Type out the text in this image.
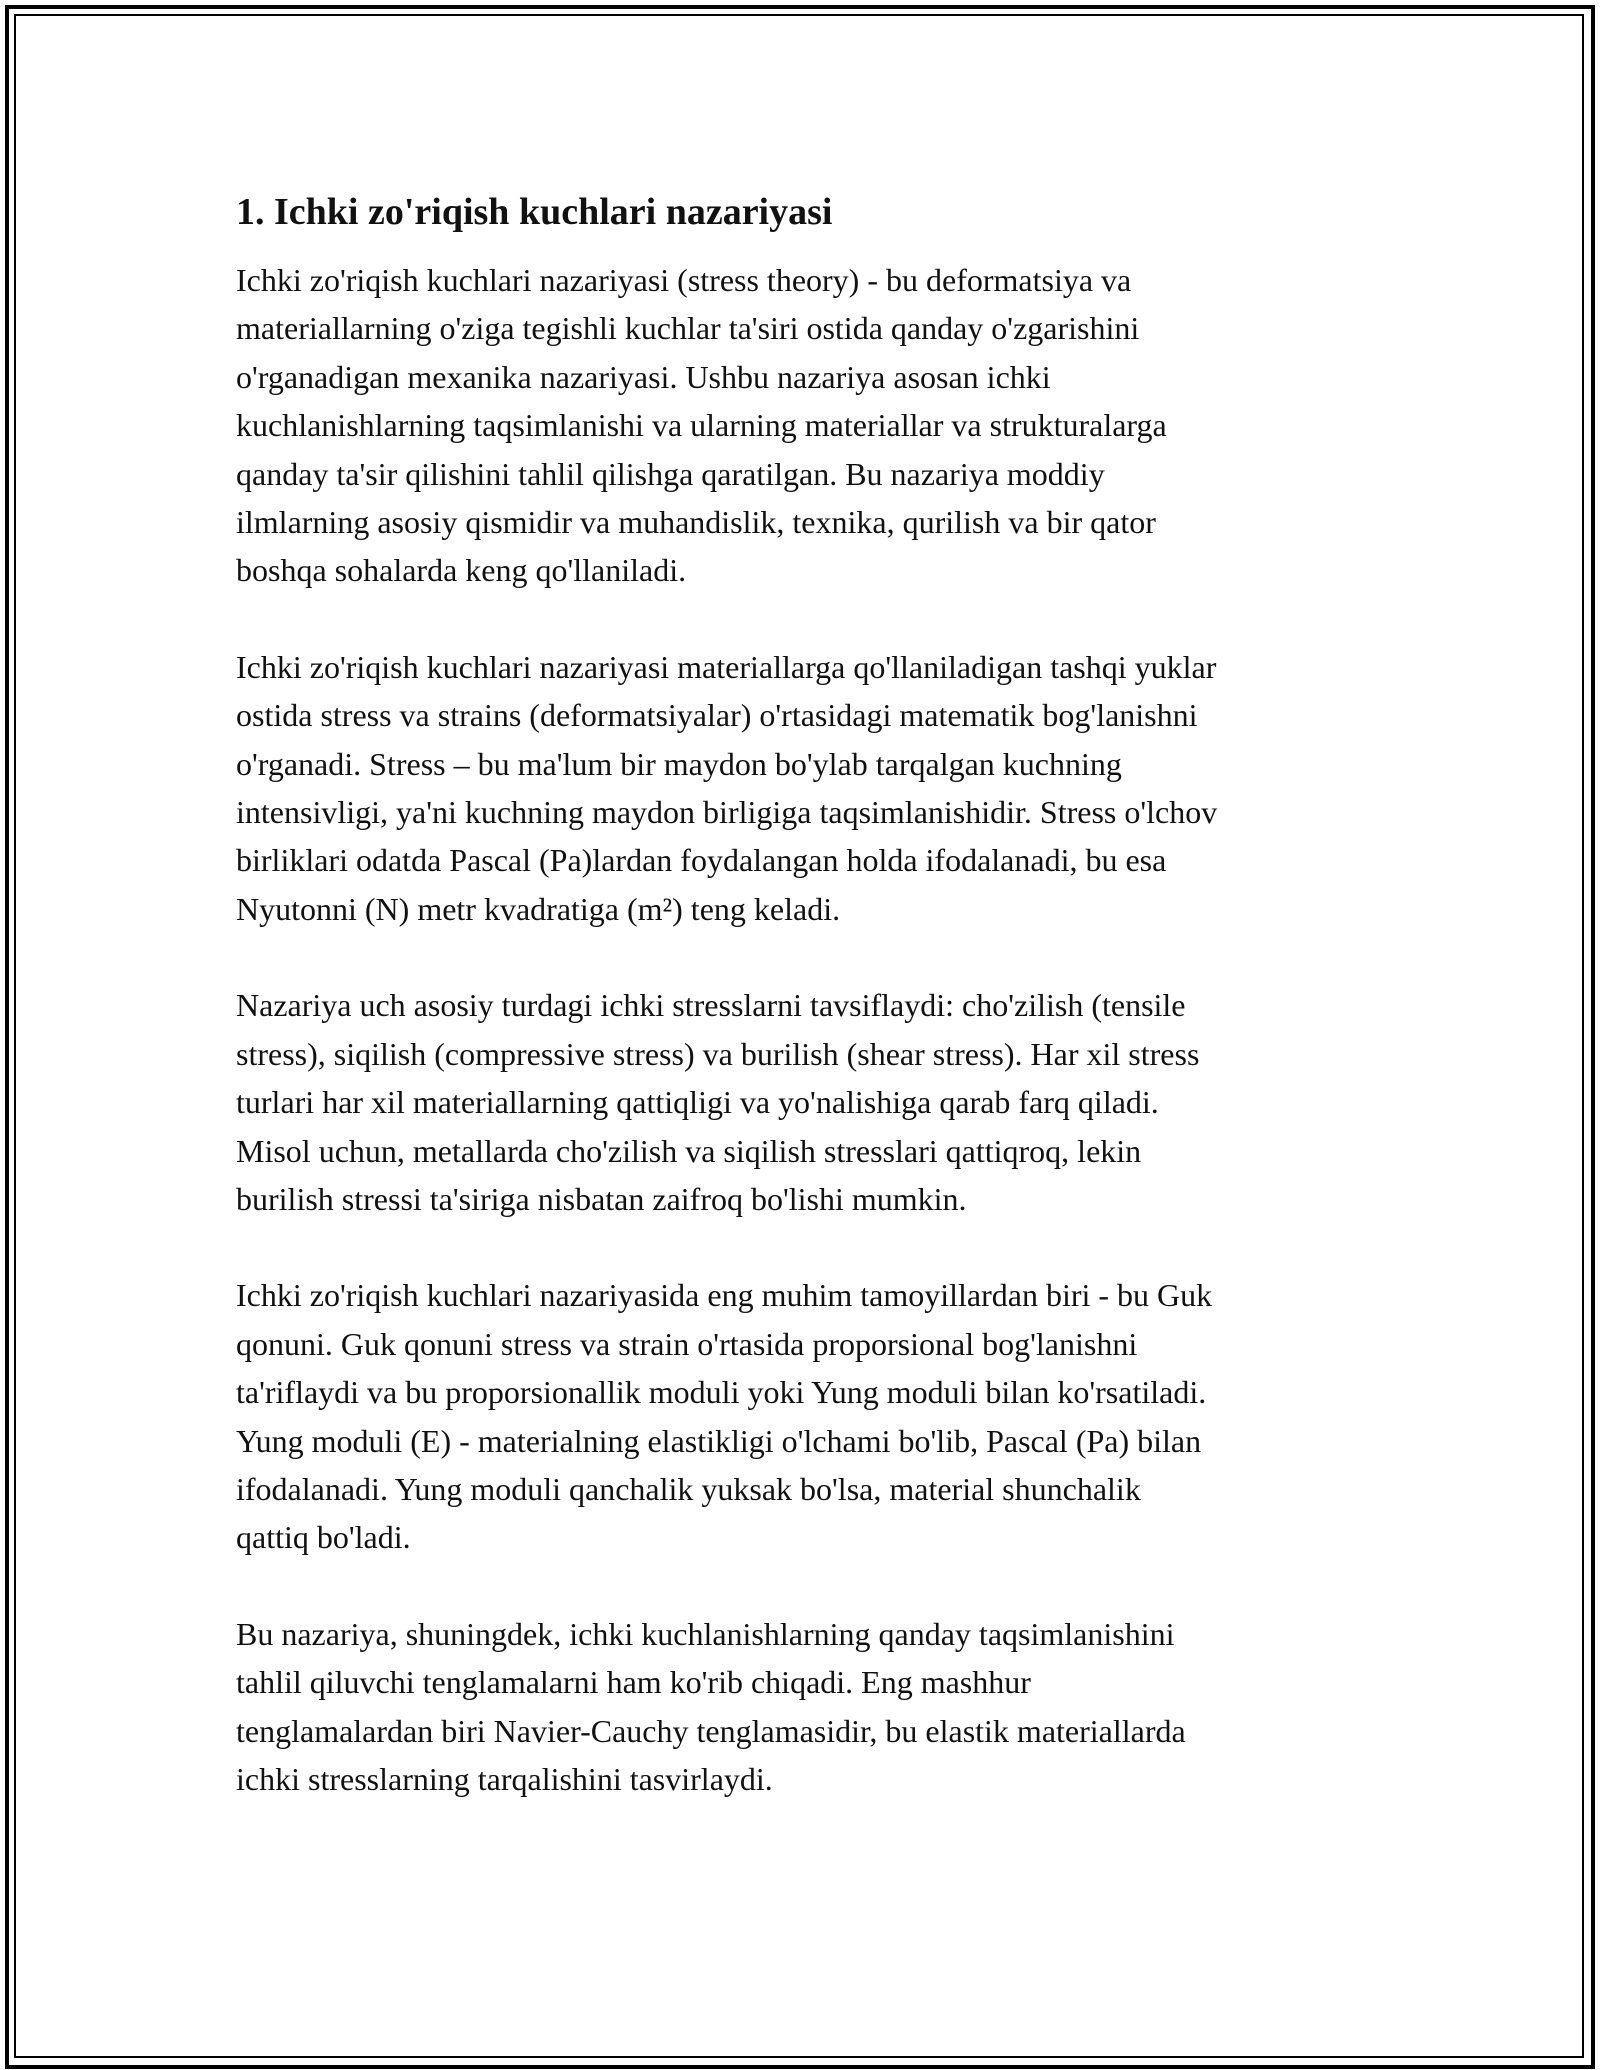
1. Ichki zo'riqish kuchlari nazariyasi

Ichki zo'riqish kuchlari nazariyasi (stress theory) - bu deformatsiya va
materiallarning o'ziga tegishli kuchlar ta'siri ostida qanday o'zgarishini
o'rganadigan mexanika nazariyasi. Ushbu nazariya asosan ichki
kuchlanishlarning taqsimlanishi va ularning materiallar va strukturalarga
qanday ta'sir qilishini tahlil qilishga qaratilgan. Bu nazariya moddiy
ilmlarning asosiy qismidir va muhandislik, texnika, qurilish va bir qator
boshqa sohalarda keng qo'llaniladi.

Ichki zo'riqish kuchlari nazariyasi materiallarga qo'llaniladigan tashqi yuklar
ostida stress va strains (deformatsiyalar) o'rtasidagi matematik bog'lanishni
o'rganadi. Stress – bu ma'lum bir maydon bo'ylab tarqalgan kuchning
intensivligi, ya'ni kuchning maydon birligiga taqsimlanishidir. Stress o'lchov
birliklari odatda Pascal (Pa)lardan foydalangan holda ifodalanadi, bu esa
Nyutonni (N) metr kvadratiga (m²) teng keladi.

Nazariya uch asosiy turdagi ichki stresslarni tavsiflaydi: cho'zilish (tensile
stress), siqilish (compressive stress) va burilish (shear stress). Har xil stress
turlari har xil materiallarning qattiqligi va yo'nalishiga qarab farq qiladi.
Misol uchun, metallarda cho'zilish va siqilish stresslari qattiqroq, lekin
burilish stressi ta'siriga nisbatan zaifroq bo'lishi mumkin.

Ichki zo'riqish kuchlari nazariyasida eng muhim tamoyillardan biri - bu Guk
qonuni. Guk qonuni stress va strain o'rtasida proporsional bog'lanishni
ta'riflaydi va bu proporsionallik moduli yoki Yung moduli bilan ko'rsatiladi.
Yung moduli (E) - materialning elastikligi o'lchami bo'lib, Pascal (Pa) bilan
ifodalanadi. Yung moduli qanchalik yuksak bo'lsa, material shunchalik
qattiq bo'ladi.

Bu nazariya, shuningdek, ichki kuchlanishlarning qanday taqsimlanishini
tahlil qiluvchi tenglamalarni ham ko'rib chiqadi. Eng mashhur
tenglamalardan biri Navier-Cauchy tenglamasidir, bu elastik materiallarda
ichki stresslarning tarqalishini tasvirlaydi.
